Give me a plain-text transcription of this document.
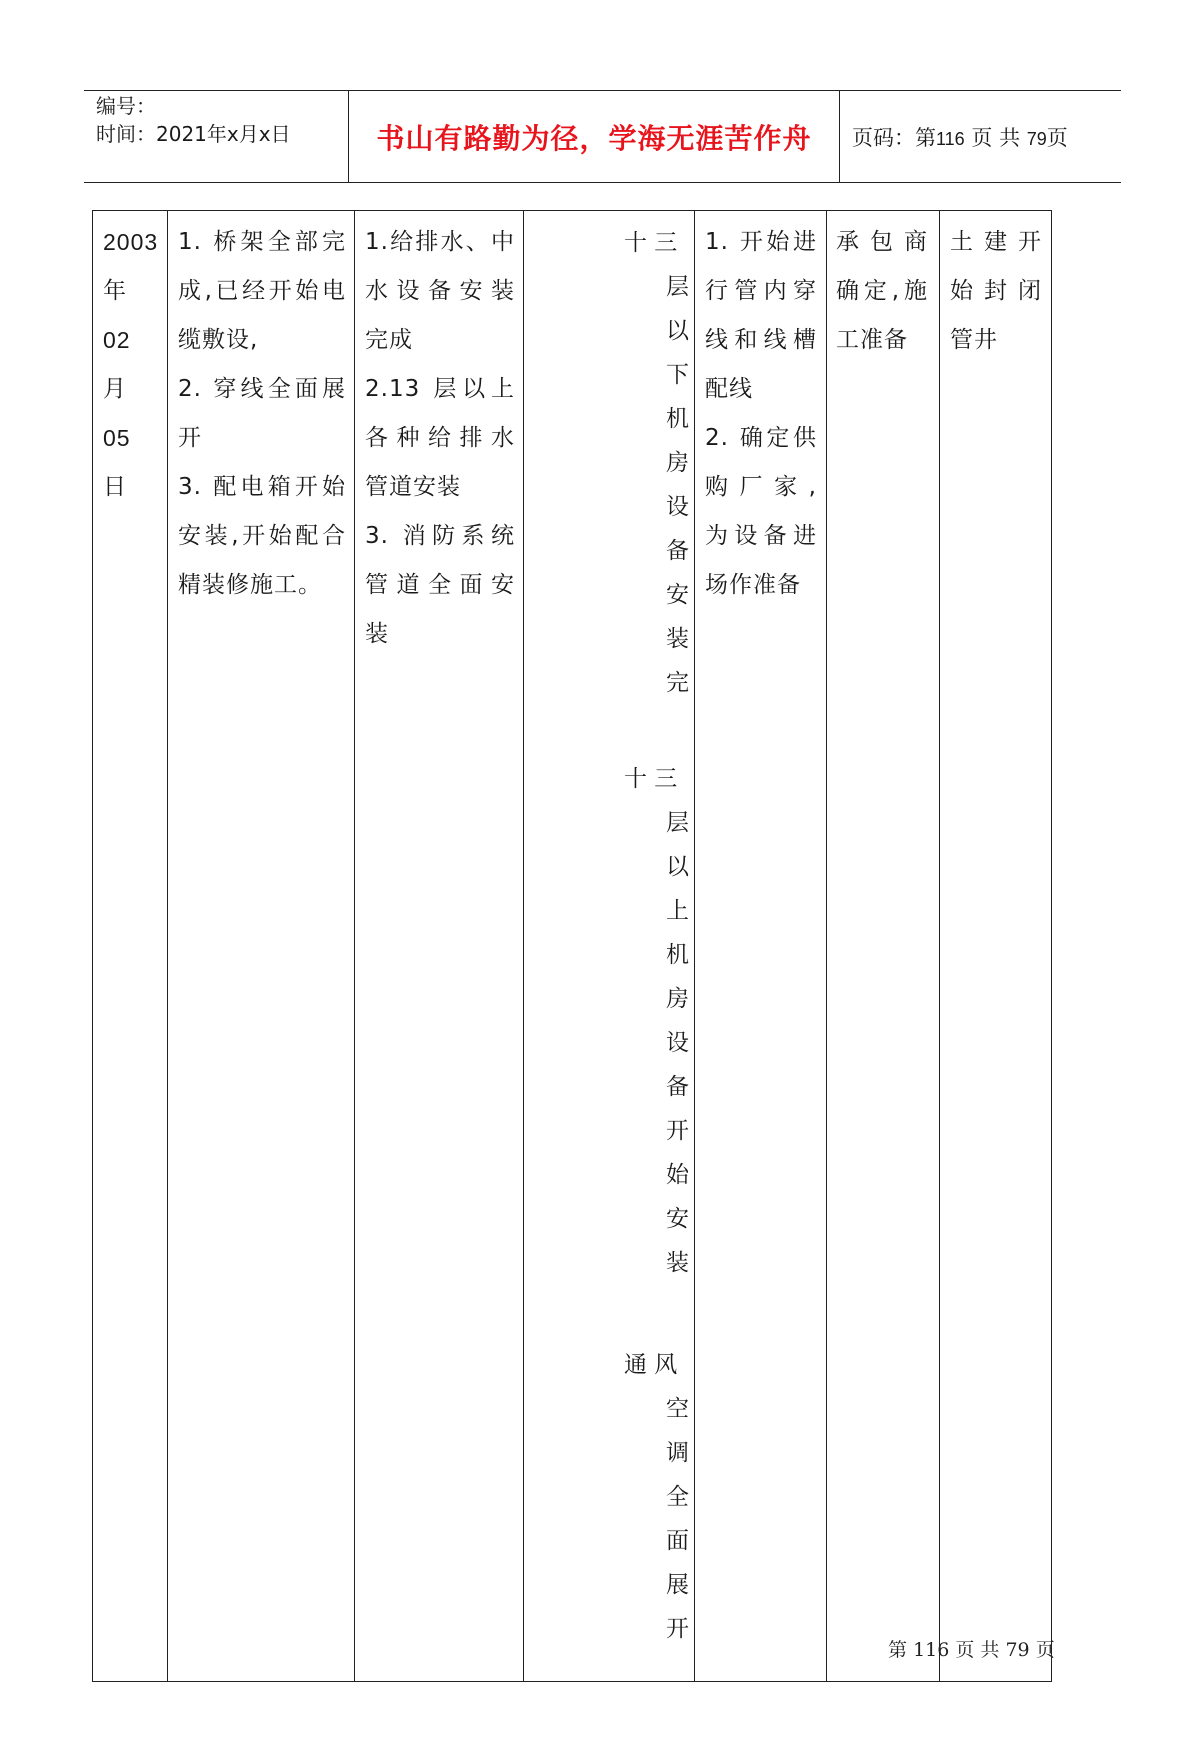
编号：
时间：2021年x月x日	书山有路勤为径，学海无涯苦作舟	页码：第116 页 共 79页
2003
年
02
月
05
日
1. 桥架全部完
成,已经开始电
缆敷设,
2. 穿线全面展
开
3. 配电箱开始
安装,开始配合
精装修施工。
1.给排水、中
水设备安装
完成
2.13 层以上
各种给排水
管道安装
3. 消防系统
管道全面安
装
十 三
十 三
通 风
层
以
下
机
房
设
备
安
装
完
层
以
上
机
房
设
备
开
始
安
装
空
调
全
面
展
开
1. 开始进
行管内穿
线和线槽
配线
2. 确定供
购 厂 家 ,
为设备进
场作准备
承 包 商
确定,施
工准备
土 建 开
始 封 闭
管井
第 116 页 共 79 页
